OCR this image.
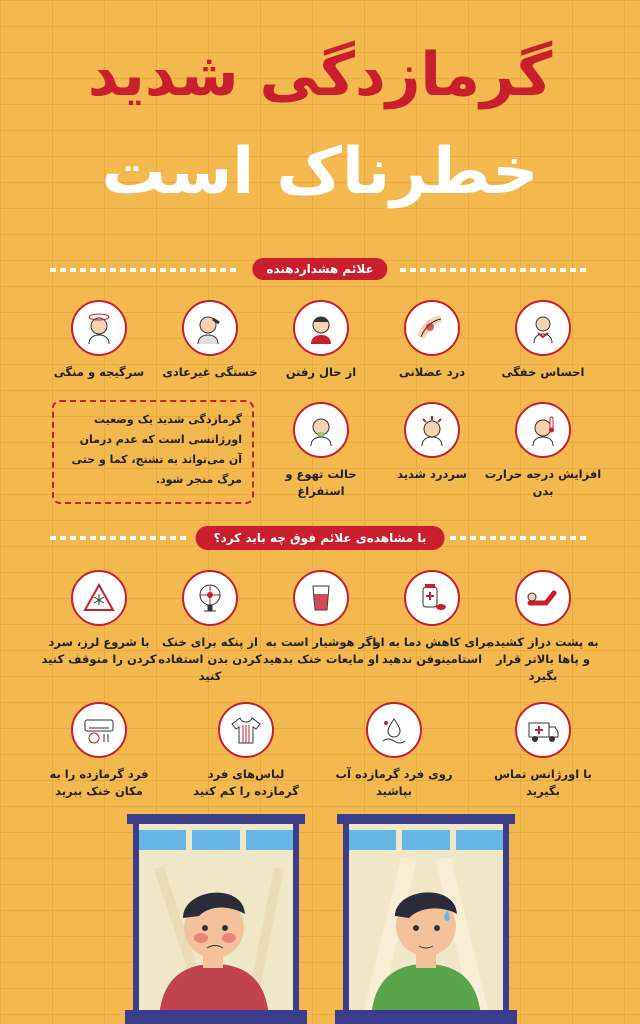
گرمازدگی شدید
خطرناک است
علائم هشداردهنده
احساس خفگی
درد عضلانی
از حال رفتن
خستگی غیرعادی
سرگیجه و منگی
افزایش درجه حرارت بدن
سردرد شدید
حالت تهوع و استفراغ
گرمازدگی شدید یک وضعیت اورژانسی است که عدم درمان آن می‌تواند به تشنج، کما و حتی مرگ منجر شود.
با مشاهده‌ی علائم فوق چه باید کرد؟
به پشت دراز کشیده و پاها بالاتر قرار بگیرد
برای کاهش دما به او استامینوفن ندهید
اگر هوشیار است به او مایعات خنک بدهید
از پنکه برای خنک کردن بدن استفاده کنید
با شروع لرز، سرد کردن را متوقف کنید
با اورژانس تماس بگیرید
روی فرد گرمازده آب بپاشید
لباس‌های فرد گرمازده را کم کنید
فرد گرمازده را به مکان خنک ببرید
